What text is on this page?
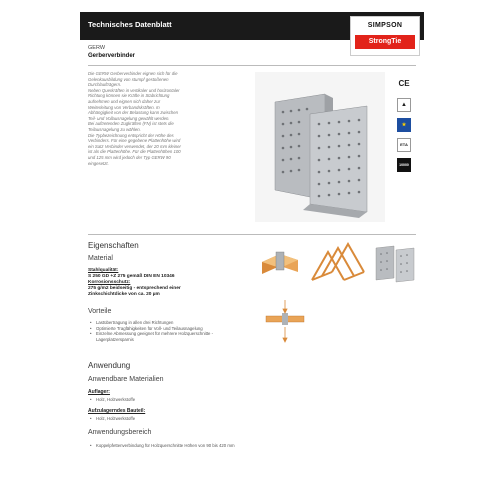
Technisches Datenblatt	SIMPSON
StrongTie
GERW
Gerberverbinder
Die GERW Gerberverbinder eignen sich für die
Gelenkausbildung von stumpf gestoßenen
Durchlaufträgern.
Neben Querkräften in vertikaler und horizontaler
Richtung können sie Kräfte in Stabrichtung
aufnehmen und eignen sich daher zur
Weiterleitung von Verbandskräften. In
Abhängigkeit von der Belastung kann zwischen
Teil- und Vollausnagelung gewählt werden.
Bei auftretenden Zugkräften (FN) ist stets die
Teilausnagelung zu wählen.
Die Typbezeichnung entspricht der Höhe des
Verbinders. Für eine gegebene Plattenhöhe wird
ein Satz Verbinder verwendet, der 20 mm kleiner
ist als die Plattenhöhe. Für die Plattenhöhen 100
und 125 mm wird jedoch der Typ GERW 90
eingesetzt.
CE
▲
★
ETA
10000
Eigenschaften
Material
Stahlqualität:
S 250 GD +Z 275 gemäß DIN EN 10346
Korrosionsschutz:
275 g/m2 beidseitig - entsprechend einer
Zinkschichtdicke von ca. 20 µm
Vorteile
• Lastübertragung in allen drei Richtungen
• Optimierte Tragfähigkeiten für Voll- und Teilausnagelung
• Einzelne Abmessung geeignet für mehrere Holzquerschnitte - Lagerplatzersparnis
Anwendung
Anwendbare Materialien
Auflager:
• Holz, Holzwerkstoffe
Aufzulagerndes Bauteil:
• Holz, Holzwerkstoffe
Anwendungsbereich
• Koppelpfettenverbindung für Holzquerschnitte Höhen von 90 bis 420 mm
